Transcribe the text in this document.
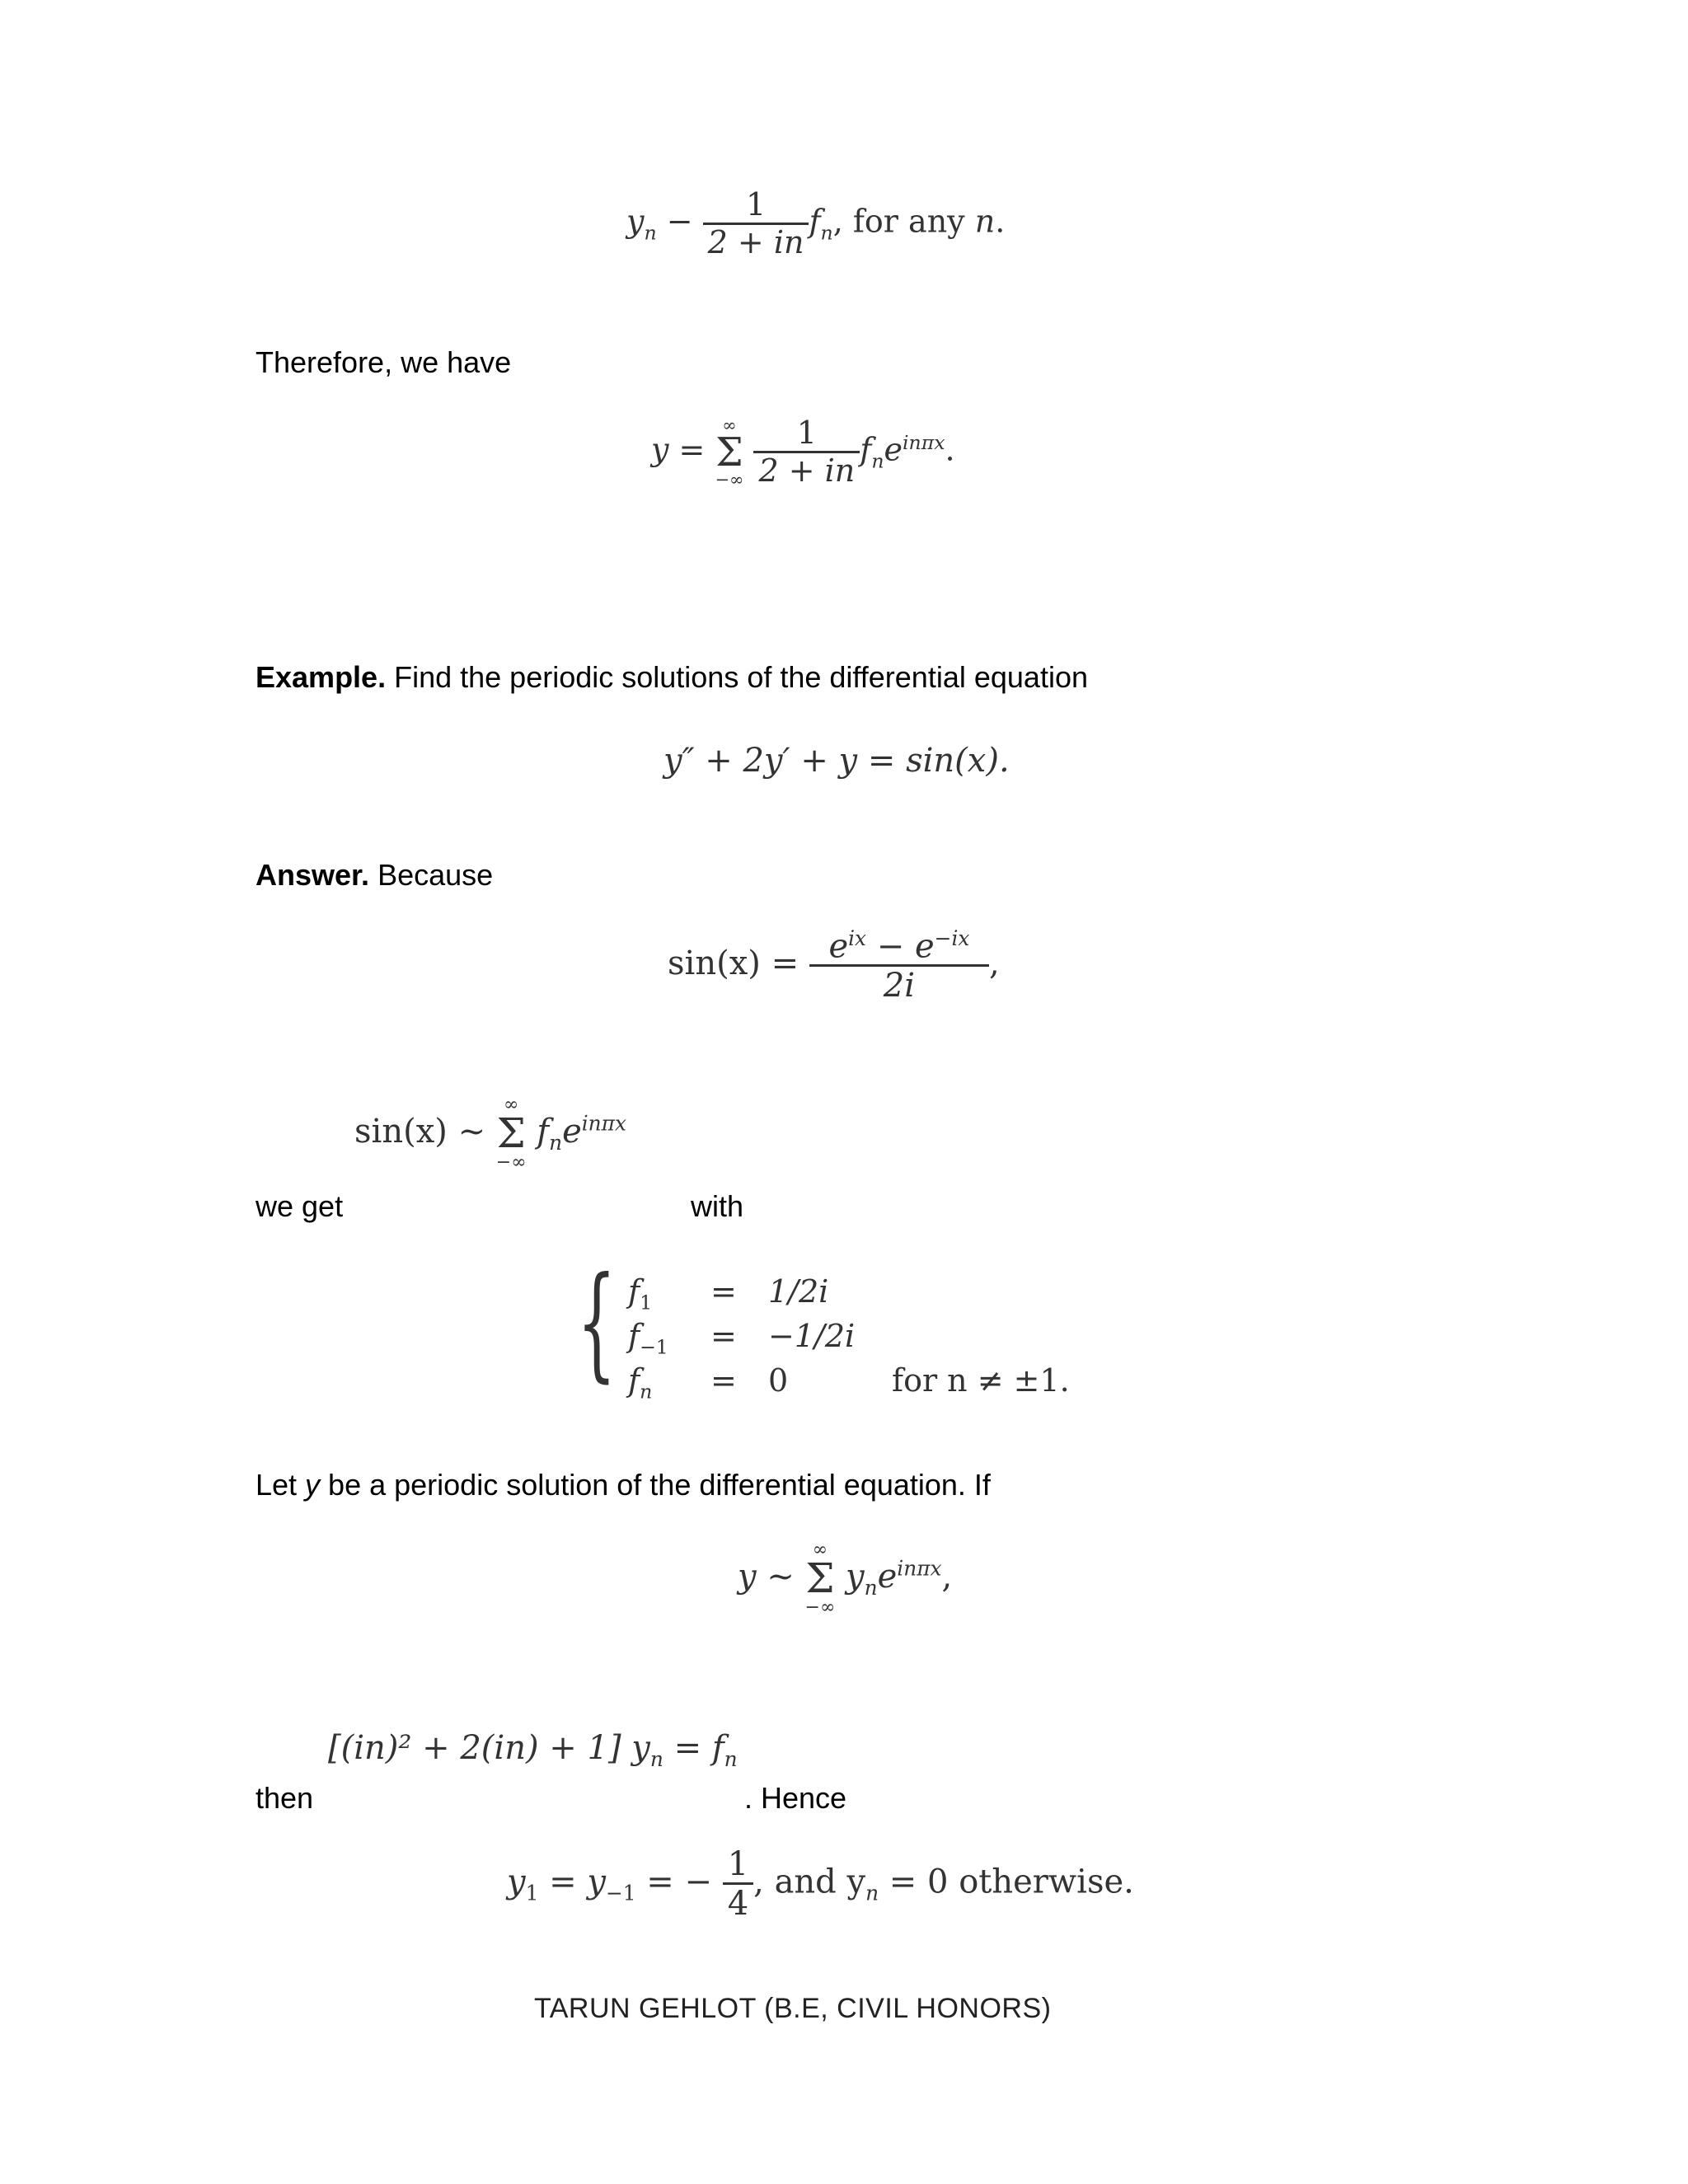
$y_n - \frac{1}{2 + in} f_n$, for any n.
Therefore, we have
y =
∞
Σ
−∞
$\frac{1}{2 + in} f_ne^{in\pi x}$.
Example. Find the periodic solutions of the differential equation
y″ + 2y′ + y = sin(x).
Answer. Because
$\sin(x) = \frac{e^{ix} - e^{-ix}}{2i}$ ,
sin(x) ~
∞
Σ
−∞
$f_ne^{in\pi x}$
we get	with
{ $f_1 = 1/2i$
$f_{-1} = -1/2i$
$f_n = 0$	for n ≠ ±1.
Let y be a periodic solution of the differential equation. If
y ~
∞
Σ
−∞
$y_ne^{in\pi x}$,
[(in)² + 2(in) + 1] $y_n = f_n$
then	. Hence
$y_1 = y_{-1}$ = − $\frac{1}{4}$ , and $y_n = 0$ otherwise.
TARUN GEHLOT (B.E, CIVIL HONORS)
